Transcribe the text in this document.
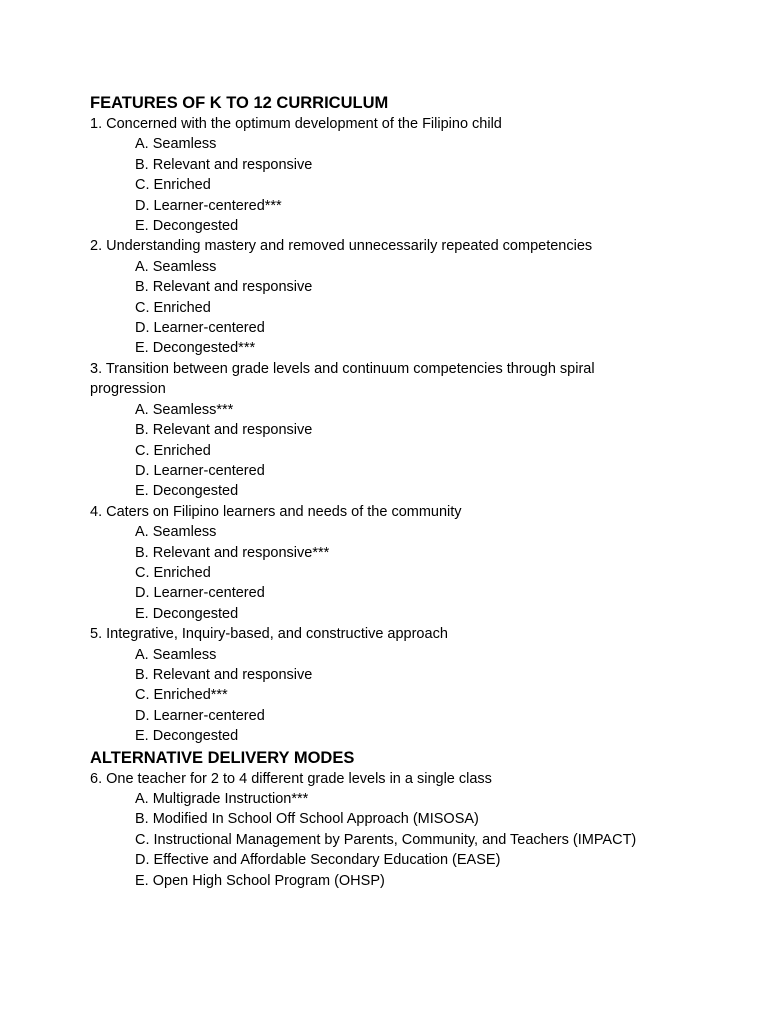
FEATURES OF K TO 12 CURRICULUM

1. Concerned with the optimum development of the Filipino child

A. Seamless

B. Relevant and responsive

C. Enriched

D. Learner-centered***

E. Decongested

2. Understanding mastery and removed unnecessarily repeated competencies

A. Seamless

B. Relevant and responsive

C. Enriched

D. Learner-centered

E. Decongested***

3. Transition between grade levels and continuum competencies through spiral progression

A. Seamless***

B. Relevant and responsive

C. Enriched

D. Learner-centered

E. Decongested

4. Caters on Filipino learners and needs of the community

A. Seamless

B. Relevant and responsive***

C. Enriched

D. Learner-centered

E. Decongested

5. Integrative, Inquiry-based, and constructive approach

A. Seamless

B. Relevant and responsive

C. Enriched***

D. Learner-centered

E. Decongested

ALTERNATIVE DELIVERY MODES

6. One teacher for 2 to 4 different grade levels in a single class

A. Multigrade Instruction***

B. Modified In School Off School Approach (MISOSA)

C. Instructional Management by Parents, Community, and Teachers (IMPACT)

D. Effective and Affordable Secondary Education (EASE)

E. Open High School Program (OHSP)
